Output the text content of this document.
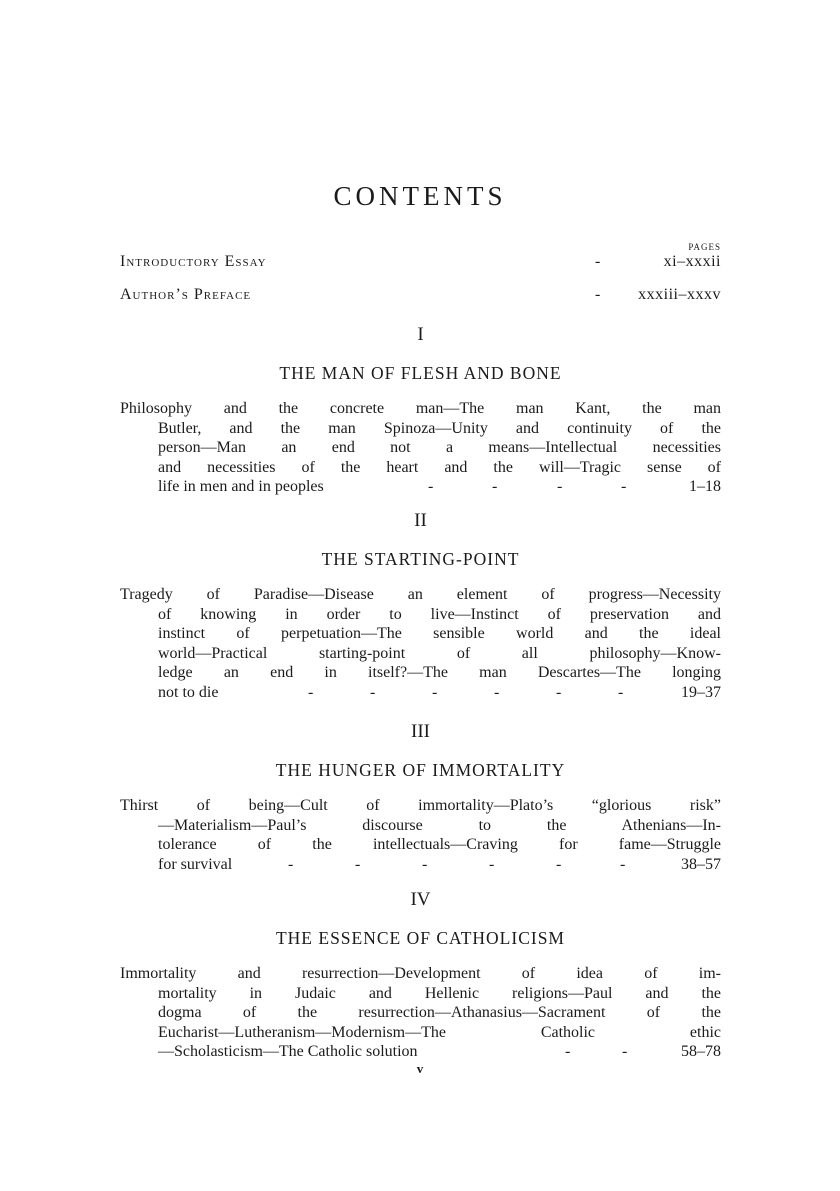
CONTENTS
PAGES
Introductory Essay	-	xi–xxxii
Author’s Preface	- xxxiii–xxxv
I
THE MAN OF FLESH AND BONE
Philosophy and the concrete man—The man Kant, the man
Butler, and the man Spinoza—Unity and continuity of the
person—Man an end not a means—Intellectual necessities
and necessities of the heart and the will—Tragic sense of
life in men and in peoples	-	-	-	-	1–18
II
THE STARTING-POINT
Tragedy of Paradise—Disease an element of progress—Necessity
of knowing in order to live—Instinct of preservation and
instinct of perpetuation—The sensible world and the ideal
world—Practical starting-point of all philosophy—Know-
ledge an end in itself?—The man Descartes—The longing
not to die	-	-	-	-	-	-	19–37
III
THE HUNGER OF IMMORTALITY
Thirst of being—Cult of immortality—Plato’s “glorious risk”
—Materialism—Paul’s discourse to the Athenians—In-
tolerance of the intellectuals—Craving for fame—Struggle
for survival	-	-	-	-	-	-	38–57
IV
THE ESSENCE OF CATHOLICISM
Immortality and resurrection—Development of idea of im-
mortality in Judaic and Hellenic religions—Paul and the
dogma of the resurrection—Athanasius—Sacrament of the
Eucharist—Lutheranism—Modernism—The Catholic ethic
—Scholasticism—The Catholic solution	-	-	58–78
v
